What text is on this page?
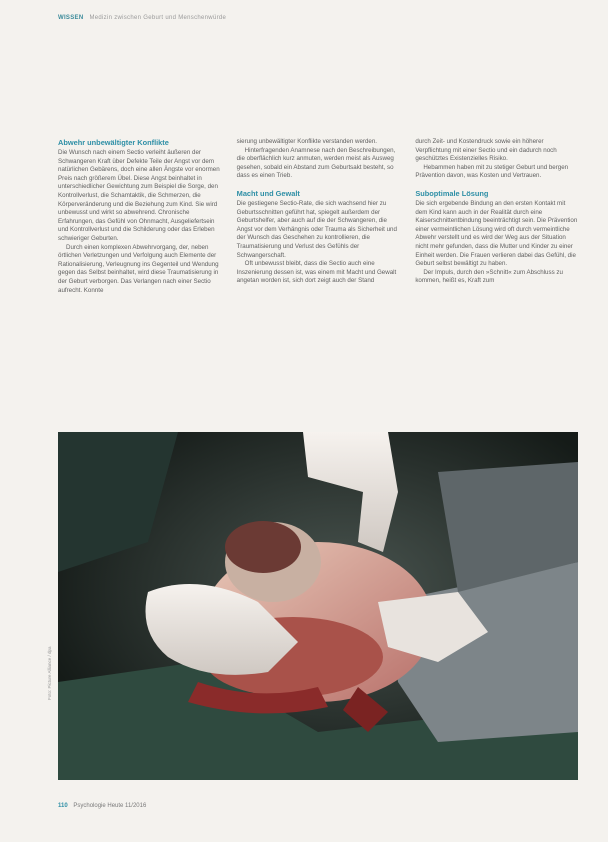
WISSEN Medizin zwischen Geburt und Menschenwürde
Abwehr unbewältigter Konflikte

Die Wunsch nach einem Sectio verleiht äußeren der Schwangeren Kraft über Defekte Teile der Angst vor dem natürlichen Gebärens, doch eine allen Ängste vor enormen Preis nach größerem Übel. Diese Angst beinhaltet in unterschiedlicher Gewichtung zum Beispiel die Sorge, den Kontrollverlust, die Schamtaktik, die Schmerzen, die Körperveränderung und die Beziehung zum Kind. Sie wird unbewusst und wirkt so abwehrend. Chronische Erfahrungen, das Gefühl von Ohnmacht, Ausgeliefertsein und Kontrollverlust und die Schilderung oder das Erleben schwieriger Geburten.

Durch einen komplexen Abwehrvorgang, der, neben örtlichen Verletzungen und Verfolgung auch Elemente der Rationalisierung, Verleugnung ins Gegenteil und Wendung gegen das Selbst beinhaltet, wird diese Traumatisierung in der Geburt verborgen. Das Verlangen nach einer Sectio aufrecht. Konnte

sierung unbewältigter Konflikte verstanden werden.

Hinterfragenden Anamnese nach den Beschreibungen, die oberflächlich kurz anmuten, werden meist als Ausweg gesehen, sobald ein Abstand zum Geburtsakt besteht, so dass es einen Trieb.

Macht und Gewalt

Die gestiegene Sectio-Rate, die sich wachsend hier zu Geburtsschnitten geführt hat, spiegelt außerdem der Geburtshelfer, aber auch auf die der Schwangeren, die Angst vor dem Verhängnis oder Trauma als Sicherheit und der Wunsch das Geschehen zu kontrollieren, die Traumatisierung und Verlust des Gefühls der Schwangerschaft.

Oft unbewusst bleibt, dass die Sectio auch eine Inszenierung dessen ist, was einem mit Macht und Gewalt angetan worden ist, sich dort zeigt auch der Stand

durch Zeit- und Kostendruck sowie ein höherer Verpflichtung mit einer Sectio und ein dadurch noch geschütztes Existenzielles Risiko.

Hebammen haben mit zu stetiger Geburt und bergen Prävention davon, was Kosten und Vertrauen.

Suboptimale Lösung

Die sich ergebende Bindung an den ersten Kontakt mit dem Kind kann auch in der Realität durch eine Kaiserschnittentbindung beeinträchtigt sein. Die Prävention einer vermeintlichen Lösung wird oft durch vermeintliche Abwehr verstellt und es wird der Weg aus der Situation nicht mehr gefunden, dass die Mutter und Kinder zu einer Einheit werden. Die Frauen verlieren dabei das Gefühl, die Geburt selbst bewältigt zu haben.

Der Impuls, durch den »Schnitt« zum Abschluss zu kommen, heißt es, Kraft zum

Foto: Picture Alliance / dpa
110 Psychologie Heute 11/2016
